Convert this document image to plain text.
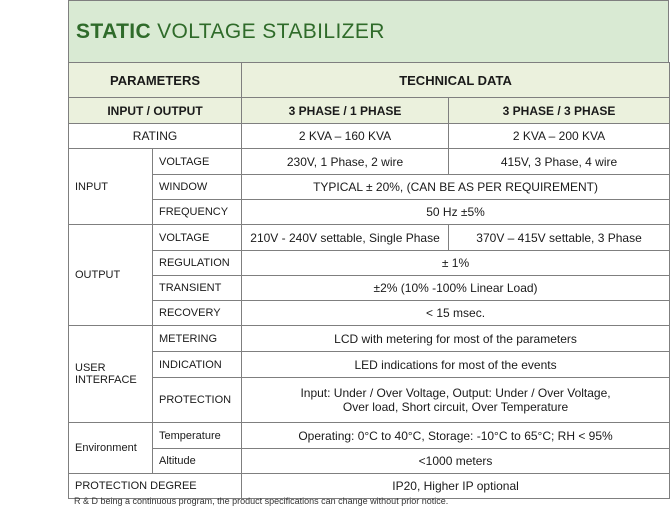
STATIC VOLTAGE STABILIZER
PARAMETERS		TECHNICAL DATA	
INPUT / OUTPUT		3 PHASE / 1 PHASE	3 PHASE / 3 PHASE
RATING		2 KVA – 160 KVA	2 KVA – 200 KVA
INPUT	VOLTAGE	230V, 1 Phase, 2 wire	415V, 3 Phase, 4 wire
	WINDOW	TYPICAL ± 20%, (CAN BE AS PER REQUIREMENT)	
	FREQUENCY	50 Hz ±5%	
OUTPUT	VOLTAGE	210V - 240V settable, Single Phase	370V – 415V settable, 3 Phase
	REGULATION	± 1%	
	TRANSIENT	±2% (10% -100% Linear Load)	
	RECOVERY	< 15 msec.	

USER
INTERFACE	METERING	LCD with metering for most of the parameters	
	INDICATION	LED indications for most of the events	
	PROTECTION	Input: Under / Over Voltage, Output: Under / Over Voltage,
Over load, Short circuit, Over Temperature	

Environment	Temperature	Operating: 0°C to 40°C, Storage: -10°C to 65°C; RH < 95%	
	Altitude	<1000 meters	
PROTECTION DEGREE		IP20, Higher IP optional	
R & D being a continuous program, the product specifications can change without prior notice.
